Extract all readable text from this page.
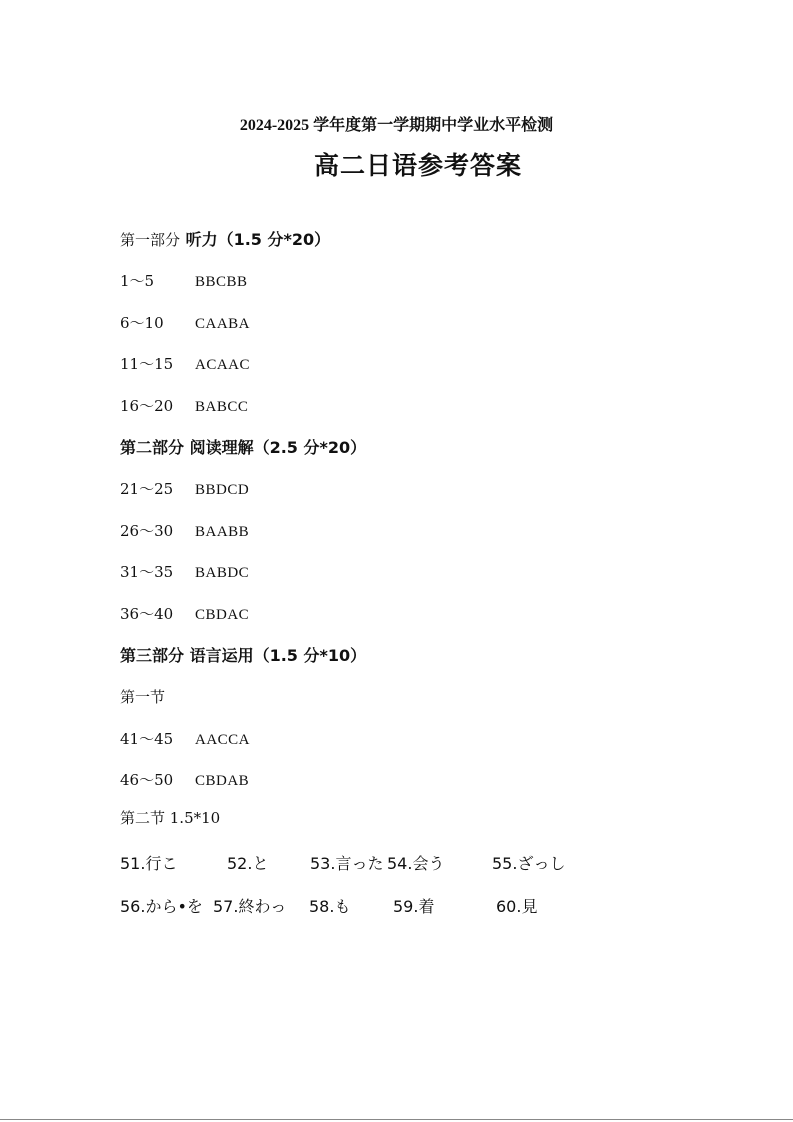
2024-2025 学年度第一学期期中学业水平检测
高二日语参考答案
第一部分 听力（1.5 分*20）
1～5	BBCBB
6～10 CAABA
11～15 ACAAC
16～20 BABCC
第二部分 阅读理解（2.5 分*20）
21～25 BBDCD
26～30 BAABB
31～35 BABDC
36～40 CBDAC
第三部分 语言运用（1.5 分*10）
第一节
41～45 AACCA
46～50 CBDAB
第二节 1.5*10
51.行こ	52.と	53.言った 54.会う	55.ざっし
56.から•を 57.終わっ 58.も	59.着	60.見
